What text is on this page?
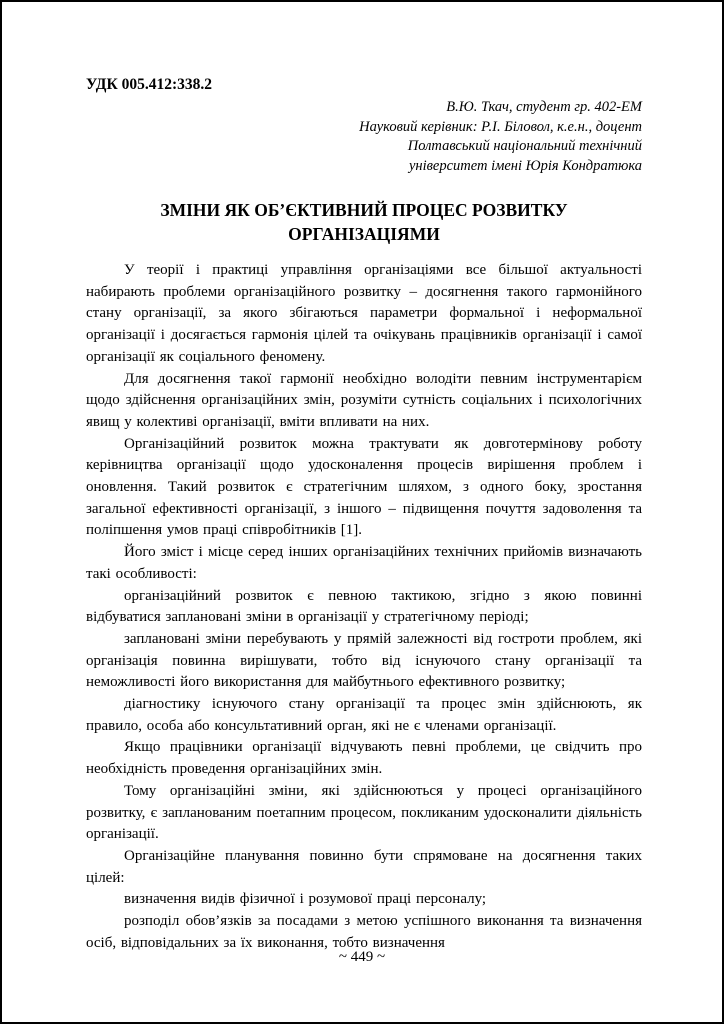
УДК 005.412:338.2
В.Ю. Ткач, студент гр. 402-ЕМ
Науковий керівник: Р.І. Біловол, к.е.н., доцент
Полтавський національний технічний
університет імені Юрія Кондратюка
ЗМІНИ ЯК ОБ’ЄКТИВНИЙ ПРОЦЕС РОЗВИТКУ ОРГАНІЗАЦІЯМИ

У теорії і практиці управління організаціями все більшої актуальності набирають проблеми організаційного розвитку – досягнення такого гармонійного стану організації, за якого збігаються параметри формальної і неформальної організації і досягається гармонія цілей та очікувань працівників організації і самої організації як соціального феномену.

Для досягнення такої гармонії необхідно володіти певним інструментарієм щодо здійснення організаційних змін, розуміти сутність соціальних і психологічних явищ у колективі організації, вміти впливати на них.

Організаційний розвиток можна трактувати як довготермінову роботу керівництва організації щодо удосконалення процесів вирішення проблем і оновлення. Такий розвиток є стратегічним шляхом, з одного боку, зростання загальної ефективності організації, з іншого – підвищення почуття задоволення та поліпшення умов праці співробітників [1].

Його зміст і місце серед інших організаційних технічних прийомів визначають такі особливості:

організаційний розвиток є певною тактикою, згідно з якою повинні відбуватися заплановані зміни в організації у стратегічному періоді;

заплановані зміни перебувають у прямій залежності від гостроти проблем, які організація повинна вирішувати, тобто від існуючого стану організації та неможливості його використання для майбутнього ефективного розвитку;

діагностику існуючого стану організації та процес змін здійснюють, як правило, особа або консультативний орган, які не є членами організації.

Якщо працівники організації відчувають певні проблеми, це свідчить про необхідність проведення організаційних змін.

Тому організаційні зміни, які здійснюються у процесі організаційного розвитку, є запланованим поетапним процесом, покликаним удосконалити діяльність організації.

Організаційне планування повинно бути спрямоване на досягнення таких цілей:

визначення видів фізичної і розумової праці персоналу;

розподіл обов’язків за посадами з метою успішного виконання та визначення осіб, відповідальних за їх виконання, тобто визначення

~ 449 ~
